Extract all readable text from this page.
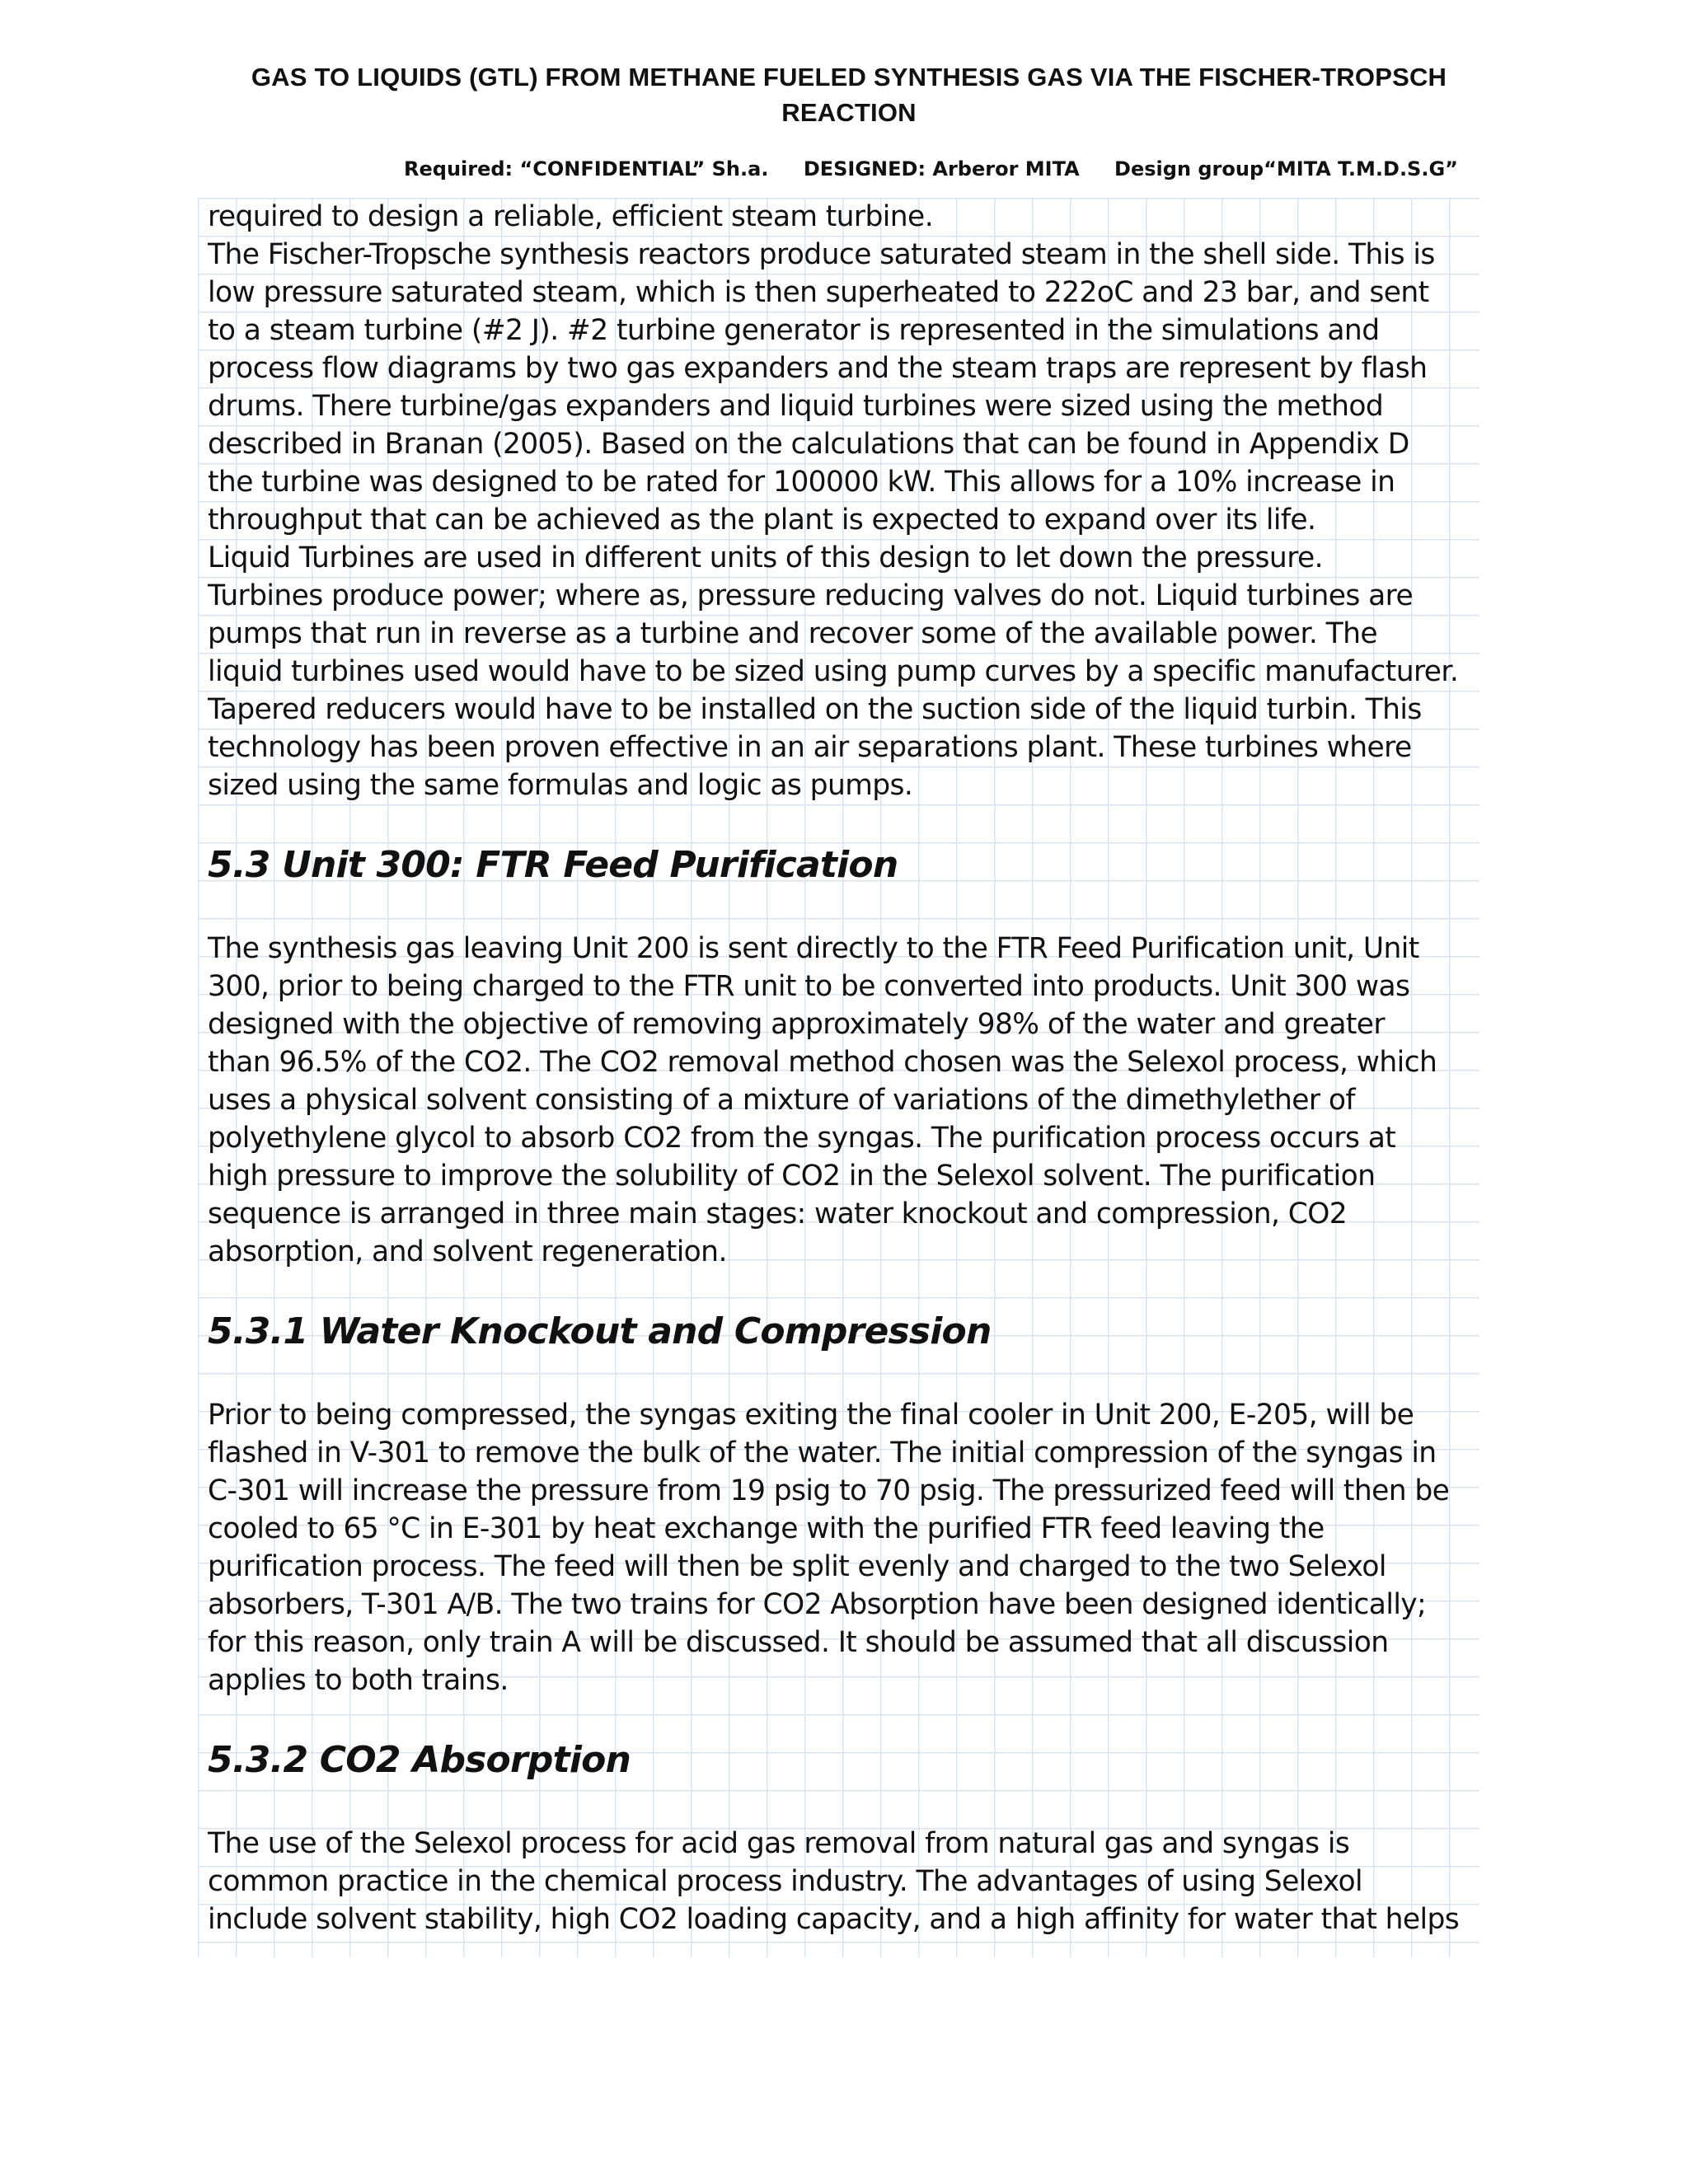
GAS TO LIQUIDS (GTL) FROM METHANE FUELED SYNTHESIS GAS VIA THE FISCHER-TROPSCH REACTION
Required: “CONFIDENTIAL” Sh.a. DESIGNED: Arberor MITA Design group“MITA T.M.D.S.G”

required to design a reliable, efficient steam turbine.
The Fischer-Tropsche synthesis reactors produce saturated steam in the shell side. This is
low pressure saturated steam, which is then superheated to 222oC and 23 bar, and sent
to a steam turbine (#2 J). #2 turbine generator is represented in the simulations and
process flow diagrams by two gas expanders and the steam traps are represent by flash
drums. There turbine/gas expanders and liquid turbines were sized using the method
described in Branan (2005). Based on the calculations that can be found in Appendix D
the turbine was designed to be rated for 100000 kW. This allows for a 10% increase in
throughput that can be achieved as the plant is expected to expand over its life.
Liquid Turbines are used in different units of this design to let down the pressure.
Turbines produce power; where as, pressure reducing valves do not. Liquid turbines are
pumps that run in reverse as a turbine and recover some of the available power. The
liquid turbines used would have to be sized using pump curves by a specific manufacturer.
Tapered reducers would have to be installed on the suction side of the liquid turbin. This
technology has been proven effective in an air separations plant. These turbines where
sized using the same formulas and logic as pumps.

5.3 Unit 300: FTR Feed Purification

The synthesis gas leaving Unit 200 is sent directly to the FTR Feed Purification unit, Unit
300, prior to being charged to the FTR unit to be converted into products. Unit 300 was
designed with the objective of removing approximately 98% of the water and greater
than 96.5% of the CO2. The CO2 removal method chosen was the Selexol process, which
uses a physical solvent consisting of a mixture of variations of the dimethylether of
polyethylene glycol to absorb CO2 from the syngas. The purification process occurs at
high pressure to improve the solubility of CO2 in the Selexol solvent. The purification
sequence is arranged in three main stages: water knockout and compression, CO2
absorption, and solvent regeneration.

5.3.1 Water Knockout and Compression

Prior to being compressed, the syngas exiting the final cooler in Unit 200, E-205, will be
flashed in V-301 to remove the bulk of the water. The initial compression of the syngas in
C-301 will increase the pressure from 19 psig to 70 psig. The pressurized feed will then be
cooled to 65 °C in E-301 by heat exchange with the purified FTR feed leaving the
purification process. The feed will then be split evenly and charged to the two Selexol
absorbers, T-301 A/B. The two trains for CO2 Absorption have been designed identically;
for this reason, only train A will be discussed. It should be assumed that all discussion
applies to both trains.

5.3.2 CO2 Absorption

The use of the Selexol process for acid gas removal from natural gas and syngas is
common practice in the chemical process industry. The advantages of using Selexol
include solvent stability, high CO2 loading capacity, and a high affinity for water that helps
